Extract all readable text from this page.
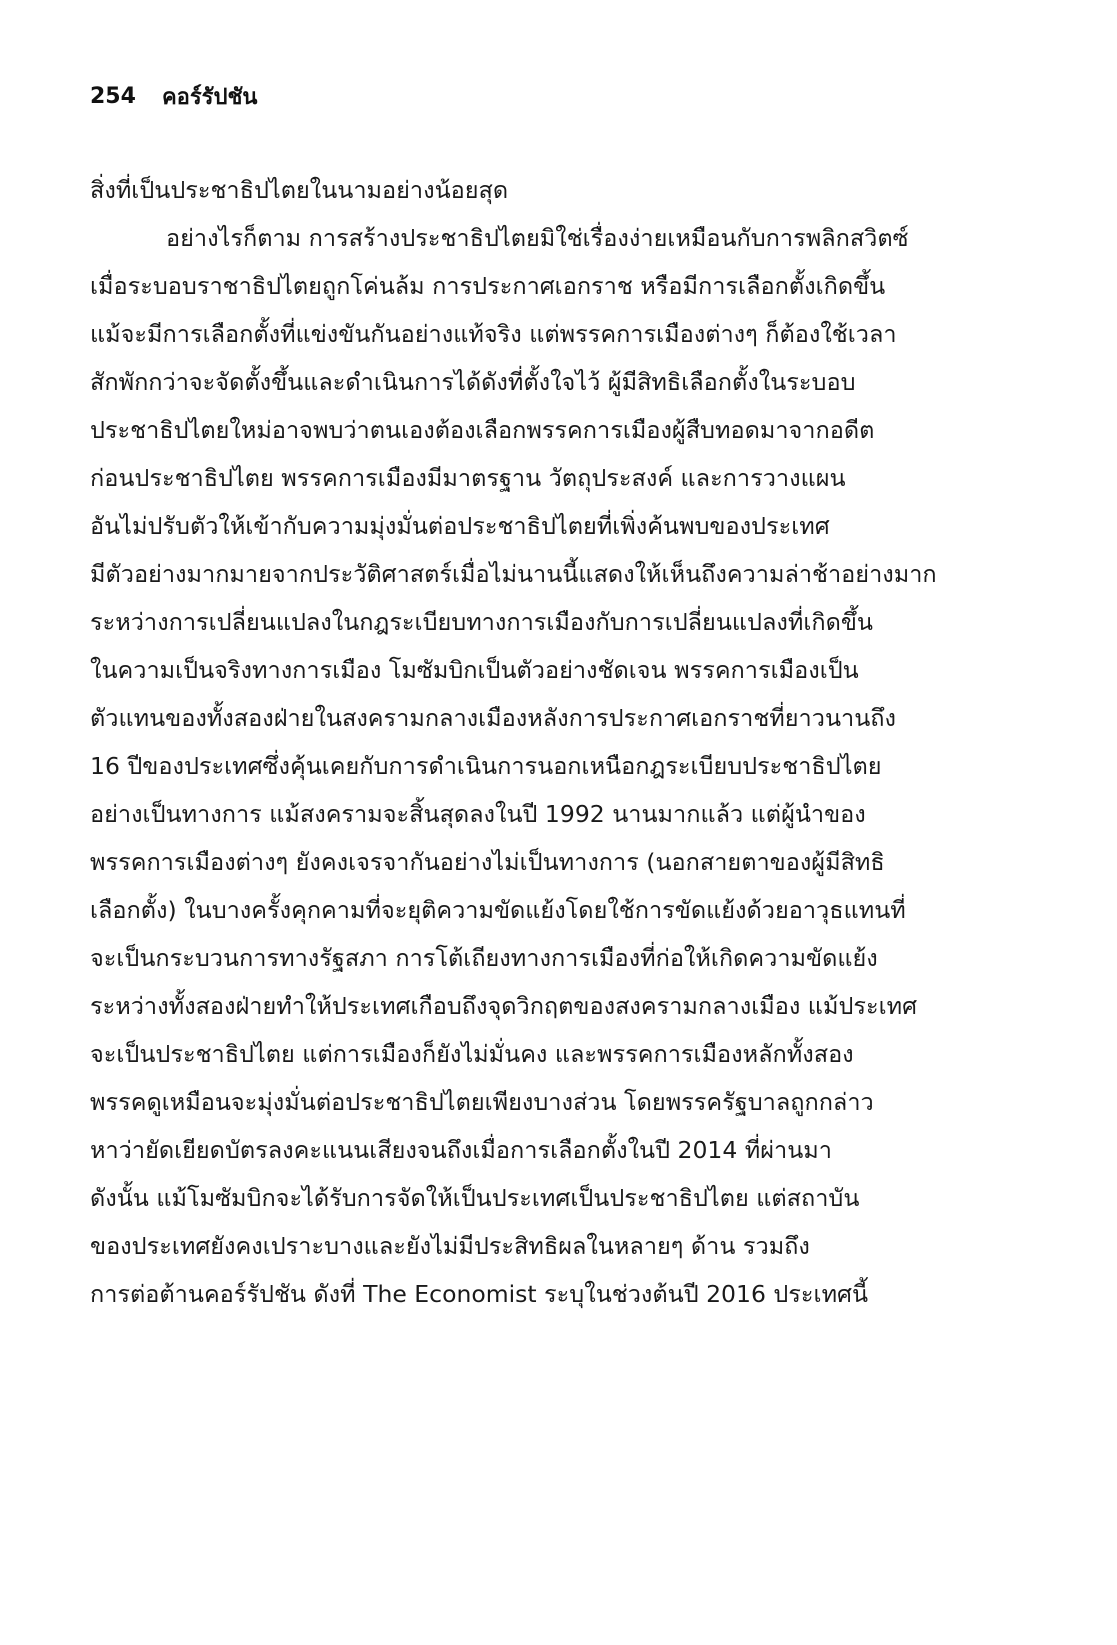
254 คอร์รัปชัน
สิ่งที่เป็นประชาธิปไตยในนามอย่างน้อยสุด
อย่างไรก็ตาม การสร้างประชาธิปไตยมิใช่เรื่องง่ายเหมือนกับการพลิกสวิตซ์
เมื่อระบอบราชาธิปไตยถูกโค่นล้ม การประกาศเอกราช หรือมีการเลือกตั้งเกิดขึ้น
แม้จะมีการเลือกตั้งที่แข่งขันกันอย่างแท้จริง แต่พรรคการเมืองต่างๆ ก็ต้องใช้เวลา
สักพักกว่าจะจัดตั้งขึ้นและดำเนินการได้ดังที่ตั้งใจไว้ ผู้มีสิทธิเลือกตั้งในระบอบ
ประชาธิปไตยใหม่อาจพบว่าตนเองต้องเลือกพรรคการเมืองผู้สืบทอดมาจากอดีต
ก่อนประชาธิปไตย พรรคการเมืองมีมาตรฐาน วัตถุประสงค์ และการวางแผน
อันไม่ปรับตัวให้เข้ากับความมุ่งมั่นต่อประชาธิปไตยที่เพิ่งค้นพบของประเทศ
มีตัวอย่างมากมายจากประวัติศาสตร์เมื่อไม่นานนี้แสดงให้เห็นถึงความล่าช้าอย่างมาก
ระหว่างการเปลี่ยนแปลงในกฎระเบียบทางการเมืองกับการเปลี่ยนแปลงที่เกิดขึ้น
ในความเป็นจริงทางการเมือง โมซัมบิกเป็นตัวอย่างชัดเจน พรรคการเมืองเป็น
ตัวแทนของทั้งสองฝ่ายในสงครามกลางเมืองหลังการประกาศเอกราชที่ยาวนานถึง
16 ปีของประเทศซึ่งคุ้นเคยกับการดำเนินการนอกเหนือกฎระเบียบประชาธิปไตย
อย่างเป็นทางการ แม้สงครามจะสิ้นสุดลงในปี 1992 นานมากแล้ว แต่ผู้นำของ
พรรคการเมืองต่างๆ ยังคงเจรจากันอย่างไม่เป็นทางการ (นอกสายตาของผู้มีสิทธิ
เลือกตั้ง) ในบางครั้งคุกคามที่จะยุติความขัดแย้งโดยใช้การขัดแย้งด้วยอาวุธแทนที่
จะเป็นกระบวนการทางรัฐสภา การโต้เถียงทางการเมืองที่ก่อให้เกิดความขัดแย้ง
ระหว่างทั้งสองฝ่ายทำให้ประเทศเกือบถึงจุดวิกฤตของสงครามกลางเมือง แม้ประเทศ
จะเป็นประชาธิปไตย แต่การเมืองก็ยังไม่มั่นคง และพรรคการเมืองหลักทั้งสอง
พรรคดูเหมือนจะมุ่งมั่นต่อประชาธิปไตยเพียงบางส่วน โดยพรรครัฐบาลถูกกล่าว
หาว่ายัดเยียดบัตรลงคะแนนเสียงจนถึงเมื่อการเลือกตั้งในปี 2014 ที่ผ่านมา
ดังนั้น แม้โมซัมบิกจะได้รับการจัดให้เป็นประเทศเป็นประชาธิปไตย แต่สถาบัน
ของประเทศยังคงเปราะบางและยังไม่มีประสิทธิผลในหลายๆ ด้าน รวมถึง
การต่อต้านคอร์รัปชัน ดังที่ The Economist ระบุในช่วงต้นปี 2016 ประเทศนี้
